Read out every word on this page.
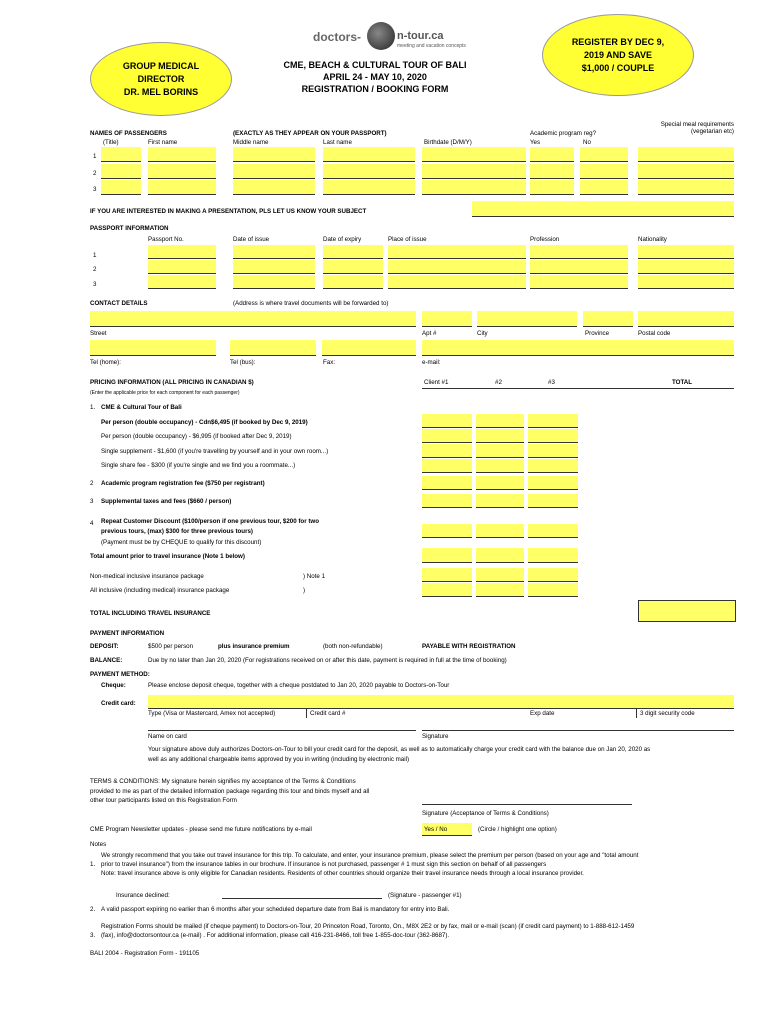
GROUP MEDICAL
DIRECTOR
DR. MEL BORINS
doctors-	n-tour.ca
meeting and vacation concepts
CME, BEACH & CULTURAL TOUR OF BALI
APRIL 24 - MAY 10, 2020
REGISTRATION / BOOKING FORM
REGISTER BY DEC 9,
2019 AND SAVE
$1,000 / COUPLE
NAMES OF PASSENGERS
(Title)	First name
(EXACTLY AS THEY APPEAR ON YOUR PASSPORT)
Middle name	Last name	Birthdate (D/M/Y)
Academic program reg?
Yes	No
Special meal requirements
(vegetarian etc)
1
2
3
IF YOU ARE INTERESTED IN MAKING A PRESENTATION, PLS LET US KNOW YOUR SUBJECT
PASSPORT INFORMATION
Passport No.	Date of issue	Date of expiry	Place of issue	Profession	Nationality
1
2
3
CONTACT DETAILS	(Address is where travel documents will be forwarded to)
Street	Apt #	City	Province	Postal code
Tel (home):	Tel (bus):	Fax:	e-mail:
PRICING INFORMATION (ALL PRICING IN CANADIAN $)
(Enter the applicable price for each component for each passenger)
Client #1	#2	#3	TOTAL
1. CME & Cultural Tour of Bali
Per person (double occupancy) - Cdn$6,495 (if booked by Dec 9, 2019)
Per person (double occupancy) - $6,995 (if booked after Dec 9, 2019)
Single supplement - $1,600 (if you're travelling by yourself and in your own room...)
Single share fee - $300 (if you're single and we find you a roommate...)
2 Academic program registration fee ($750 per registrant)
3 Supplemental taxes and fees ($660 / person)
4 Repeat Customer Discount ($100/person if one previous tour, $200 for two
previous tours, (max) $300 for three previous tours)
(Payment must be by CHEQUE to qualify for this discount)
Total amount prior to travel insurance (Note 1 below)
Non-medical inclusive insurance package	) Note 1
All inclusive (including medical) insurance package	)
TOTAL INCLUDING TRAVEL INSURANCE
PAYMENT INFORMATION
DEPOSIT:	$500 per person	plus insurance premium	(both non-refundable)	PAYABLE WITH REGISTRATION
BALANCE:	Due by no later than Jan 20, 2020 (For registrations received on or after this date, payment is required in full at the time of booking)
PAYMENT METHOD:
Cheque:	Please enclose deposit cheque, together with a cheque postdated to Jan 20, 2020 payable to Doctors-on-Tour
Credit card:
Type (Visa or Mastercard, Amex not accepted)	Credit card #	Exp date	3 digit security code
Name on card	Signature
Your signature above duly authorizes Doctors-on-Tour to bill your credit card for the deposit, as well as to automatically charge your credit card with the balance due on Jan 20, 2020 as
well as any additional chargeable items approved by you in writing (including by electronic mail)
TERMS & CONDITIONS: My signature herein signifies my acceptance of the Terms & Conditions
provided to me as part of the detailed information package regarding this tour and binds myself and all
other tour participants listed on this Registration Form
Signature (Acceptance of Terms & Conditions)
CME Program Newsletter updates - please send me future notifications by e-mail	Yes / No	(Circle / highlight one option)
Notes
We strongly recommend that you take out travel insurance for this trip. To calculate, and enter, your insurance premium, please select the premium per person (based on your age and "total amount
1. prior to travel insurance") from the insurance tables in our brochure. If insurance is not purchased, passenger # 1 must sign this section on behalf of all passengers
Note: travel insurance above is only eligible for Canadian residents. Residents of other countries should organize their travel insurance needs through a local insurance provider.
Insurance declined:	(Signature - passenger #1)
2. A valid passport expiring no earlier than 6 months after your scheduled departure date from Bali is mandatory for entry into Bali.
Registration Forms should be mailed (if cheque payment) to Doctors-on-Tour, 20 Princeton Road, Toronto, On., M8X 2E2 or by fax, mail or e-mail (scan) (if credit card payment) to 1-888-612-1459
3. (fax), info@doctorsontour.ca (e-mail) . For additional information, please call 416-231-8466, toll free 1-855-doc-tour (362-8687).
BALI 2004 - Registration Form - 191105
